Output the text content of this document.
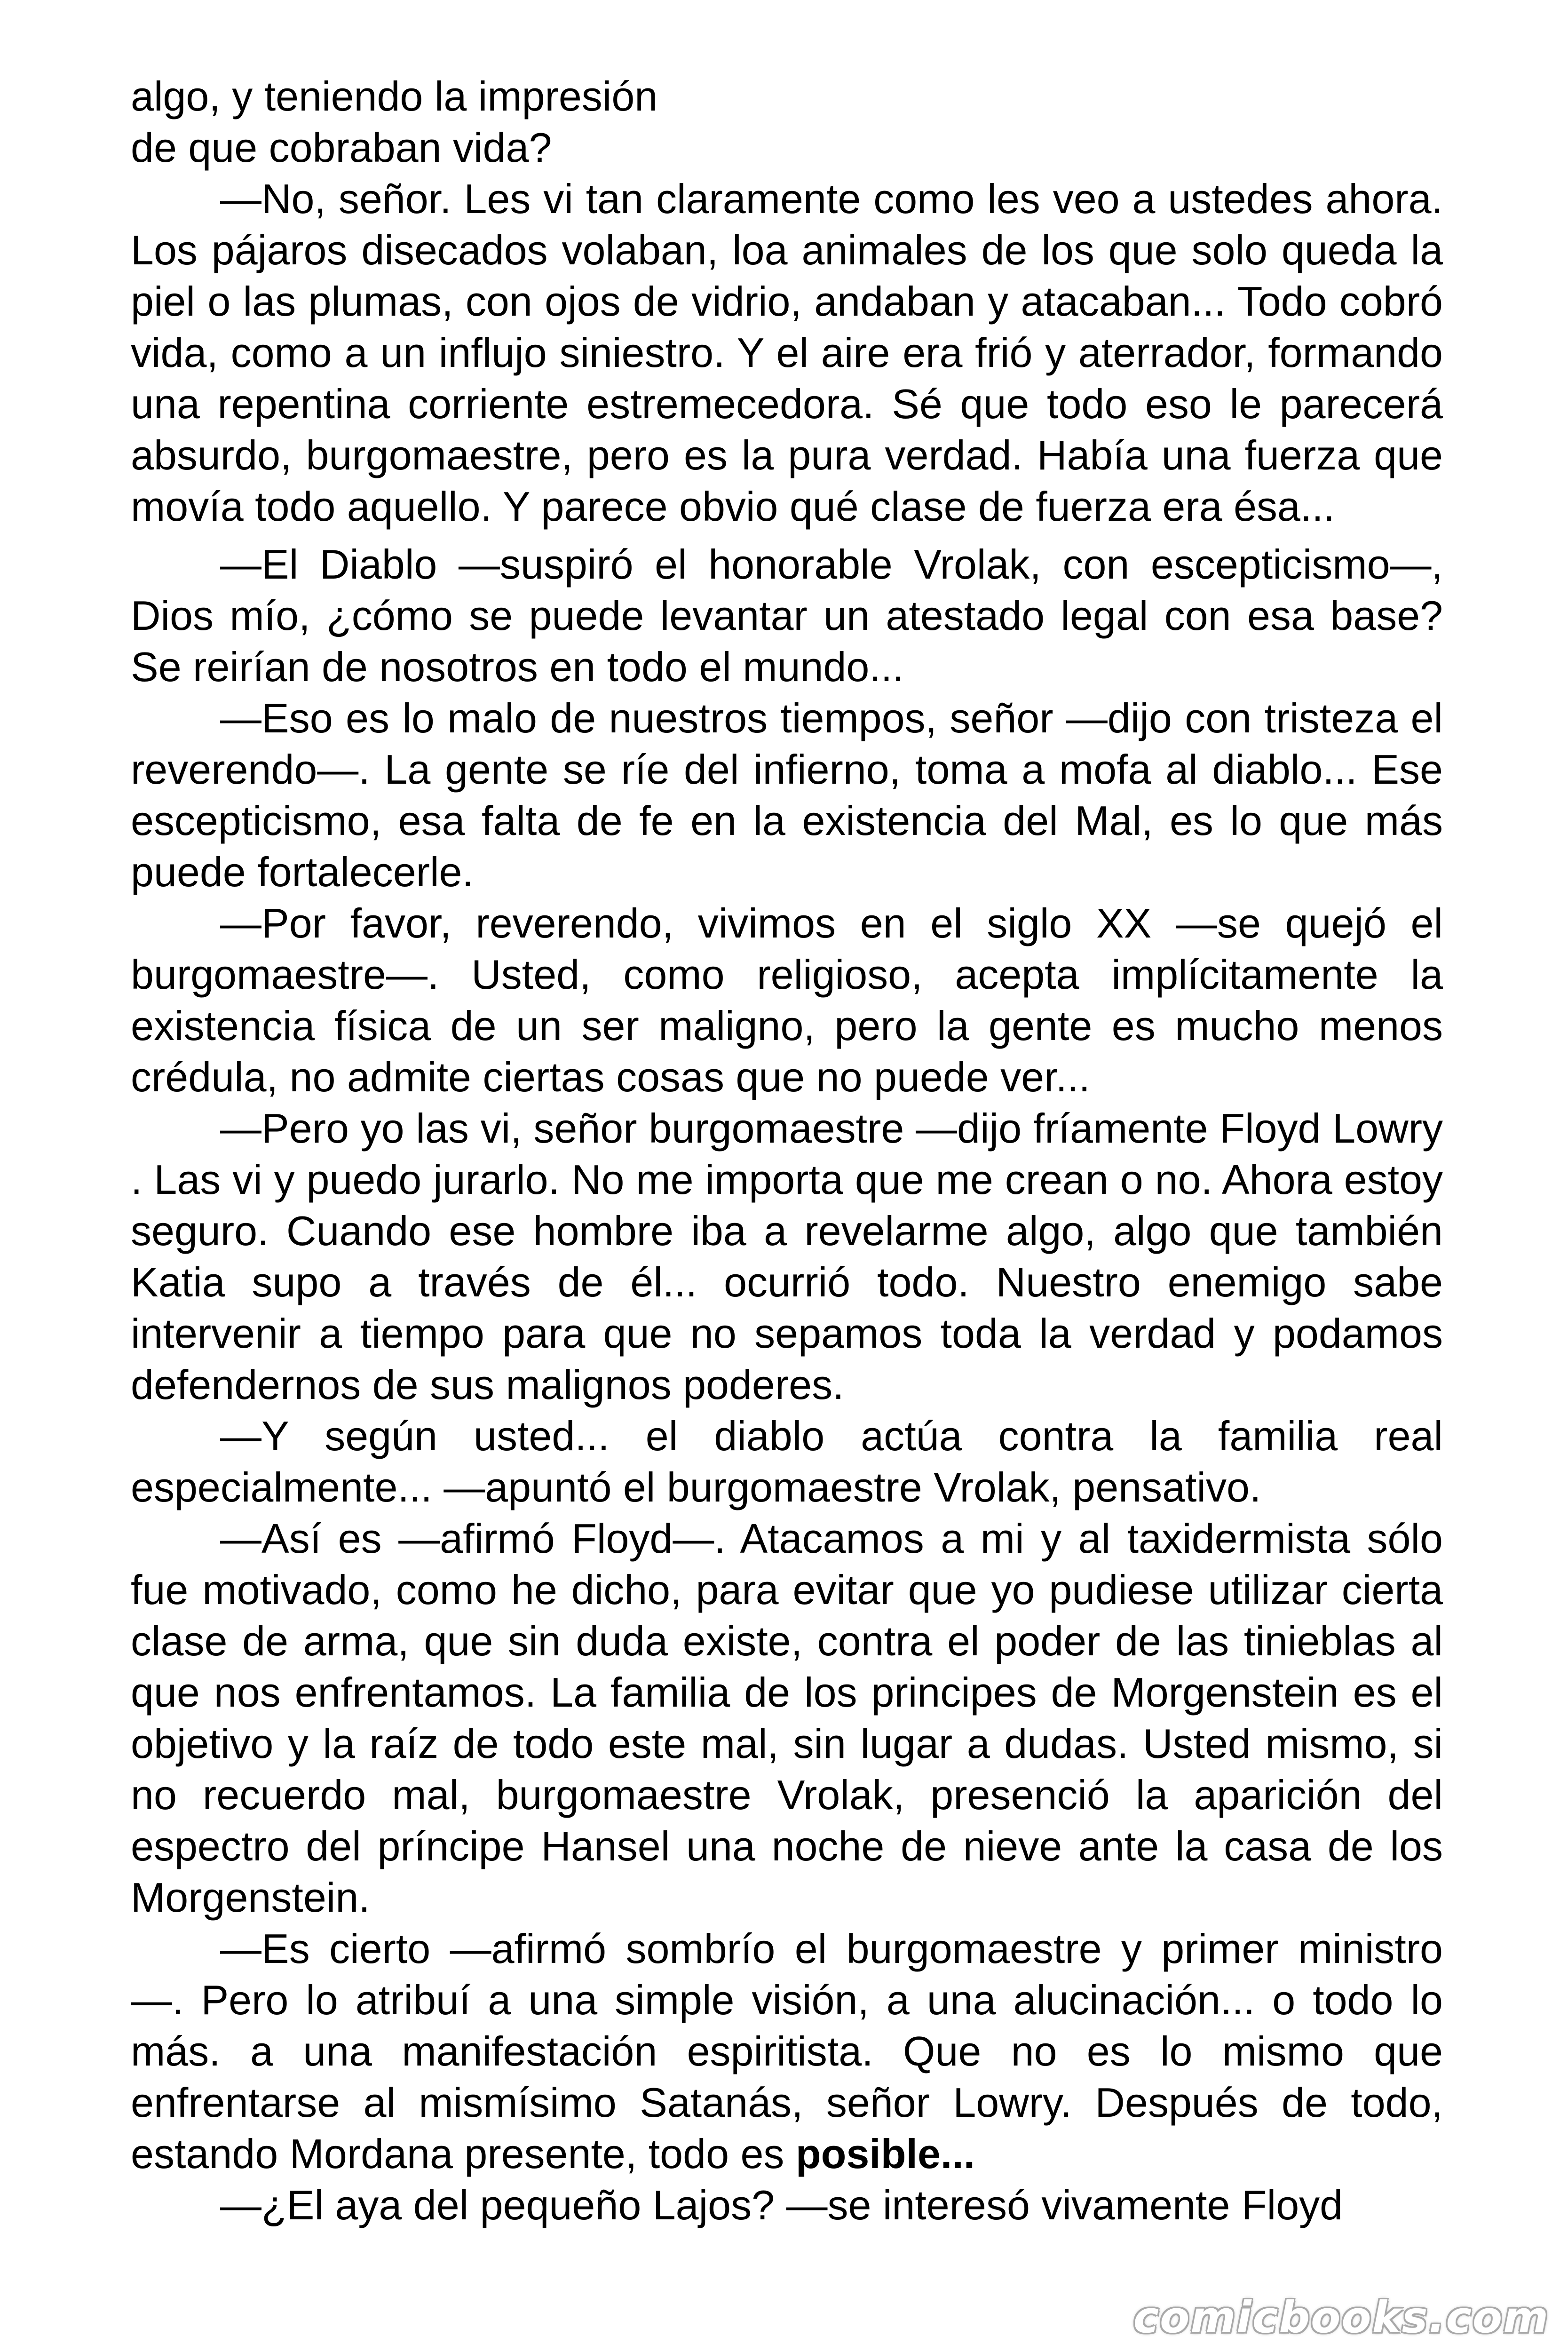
algo, y teniendo la impresión
de que cobraban vida?

—No, señor. Les vi tan claramente como les veo a ustedes ahora. Los pájaros disecados volaban, loa animales de los que solo queda la piel o las plumas, con ojos de vidrio, andaban y atacaban... Todo cobró vida, como a un influjo siniestro. Y el aire era frió y aterrador, formando una repentina corriente estremecedora. Sé que todo eso le parecerá absurdo, burgomaestre, pero es la pura verdad. Había una fuerza que movía todo aquello. Y parece obvio qué clase de fuerza era ésa...

—El Diablo —suspiró el honorable Vrolak, con escepticismo—, Dios mío, ¿cómo se puede levantar un atestado legal con esa base? Se reirían de nosotros en todo el mundo...

—Eso es lo malo de nuestros tiempos, señor —dijo con tristeza el reverendo—. La gente se ríe del infierno, toma a mofa al diablo... Ese escepticismo, esa falta de fe en la existencia del Mal, es lo que más puede fortalecerle.

—Por favor, reverendo, vivimos en el siglo XX —se quejó el burgomaestre—. Usted, como religioso, acepta implícitamente la existencia física de un ser maligno, pero la gente es mucho menos crédula, no admite ciertas cosas que no puede ver...

—Pero yo las vi, señor burgomaestre —dijo fríamente Floyd Lowry . Las vi y puedo jurarlo. No me importa que me crean o no. Ahora estoy seguro. Cuando ese hombre iba a revelarme algo, algo que también Katia supo a través de él... ocurrió todo. Nuestro enemigo sabe intervenir a tiempo para que no sepamos toda la verdad y podamos defendernos de sus malignos poderes.

—Y según usted... el diablo actúa contra la familia real especialmente... —apuntó el burgomaestre Vrolak, pensativo.

—Así es —afirmó Floyd—. Atacamos a mi y al taxidermista sólo fue motivado, como he dicho, para evitar que yo pudiese utilizar cierta clase de arma, que sin duda existe, contra el poder de las tinieblas al que nos enfrentamos. La familia de los principes de Morgenstein es el objetivo y la raíz de todo este mal, sin lugar a dudas. Usted mismo, si no recuerdo mal, burgomaestre Vrolak, presenció la aparición del espectro del príncipe Hansel una noche de nieve ante la casa de los Morgenstein.

—Es cierto —afirmó sombrío el burgomaestre y primer ministro —. Pero lo atribuí a una simple visión, a una alucinación... o todo lo más. a una manifestación espiritista. Que no es lo mismo que enfrentarse al mismísimo Satanás, señor Lowry. Después de todo, estando Mordana presente, todo es posible...

—¿El aya del pequeño Lajos? —se interesó vivamente Floyd

comicbooks.com
